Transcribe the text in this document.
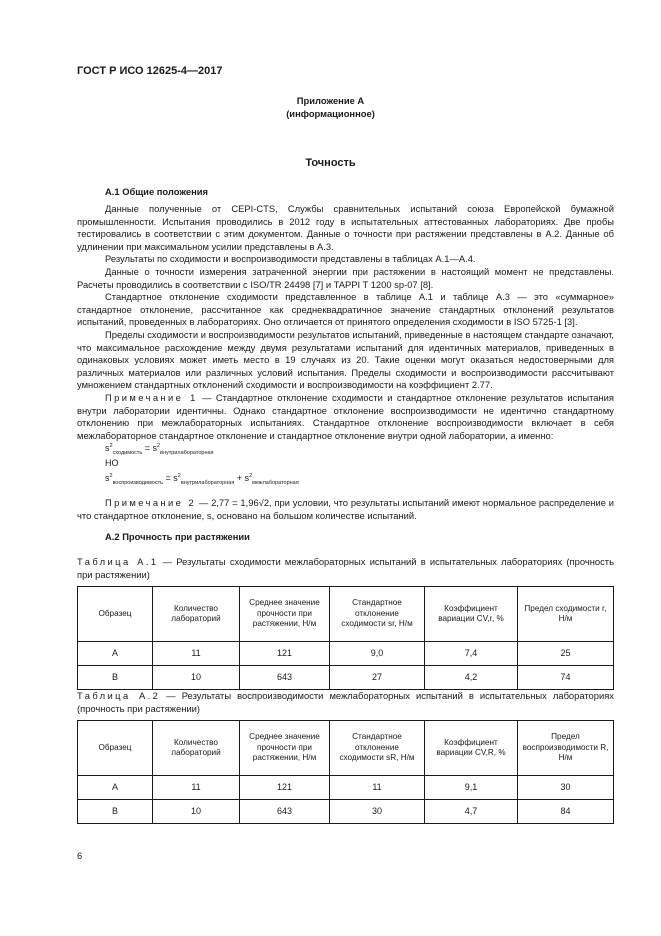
ГОСТ Р ИСО 12625-4—2017
Приложение А
(информационное)
Точность
А.1 Общие положения

Данные полученные от CEPI-CTS, Службы сравнительных испытаний союза Европейской бумажной промышленности. Испытания проводились в 2012 году в испытательных аттестованных лабораториях. Две пробы тестировались в соответствии с этим документом. Данные о точности при растяжении представлены в А.2. Данные об удлинении при максимальном усилии представлены в А.3.

Результаты по сходимости и воспроизводимости представлены в таблицах А.1—А.4.

Данные о точности измерения затраченной энергии при растяжении в настоящий момент не представлены. Расчеты проводились в соответствии с ISO/TR 24498 [7] и TAPPI T 1200 sp-07 [8].

Стандартное отклонение сходимости представленное в таблице А.1 и таблице А.3 — это «суммарное» стандартное отклонение, рассчитанное как среднеквадратичное значение стандартных отклонений результатов испытаний, проведенных в лабораториях. Оно отличается от принятого определения сходимости в ISO 5725-1 [3].

Пределы сходимости и воспроизводимости результатов испытаний, приведенные в настоящем стандарте означают, что максимальное расхождение между двумя результатами испытаний для идентичных материалов, приведенных в одинаковых условиях может иметь место в 19 случаях из 20. Такие оценки могут оказаться недостоверными для различных материалов или различных условий испытания. Пределы сходимости и воспроизводимости рассчитывают умножением стандартных отклонений сходимости и воспроизводимости на коэффициент 2.77.

Примечание 1 — Стандартное отклонение сходимости и стандартное отклонение результатов испытания внутри лаборатории идентичны. Однако стандартное отклонение воспроизводимости не идентично стандартному отклонению при межлабораторных испытаниях. Стандартное отклонение воспроизводимости включает в себя межлабораторное стандартное отклонение и стандартное отклонение внутри одной лаборатории, а именно:

$s^2_{сходимость} = s^2_{внутрилабораторная}$
НО
$s^2_{воспроизводимость} = s^2_{внутрилабораторная} + s^2_{межлабораторная}$

Примечание 2 — 2,77 = 1,96√2, при условии, что результаты испытаний имеют нормальное распределение и что стандартное отклонение, s, основано на большом количестве испытаний.

А.2 Прочность при растяжении
Таблица А.1 — Результаты сходимости межлабораторных испытаний в испытательных лабораториях (прочность при растяжении)
Образец	Количество лабораторий	Среднее значение прочности при растяжении, Н/м	Стандартное отклонение сходимости sr, Н/м	Коэффициент вариации CV,r, %	Предел сходимости r, Н/м
А	11	121	9,0	7,4	25
В	10	643	27	4,2	74
Таблица А.2 — Результаты воспроизводимости межлабораторных испытаний в испытательных лабораториях (прочность при растяжении)
Образец	Количество лабораторий	Среднее значение прочности при растяжении, Н/м	Стандартное отклонение сходимости sR, Н/м	Коэффициент вариации CV,R, %	Предел воспроизводимости R, Н/м
А	11	121	11	9,1	30
В	10	643	30	4,7	84
6
